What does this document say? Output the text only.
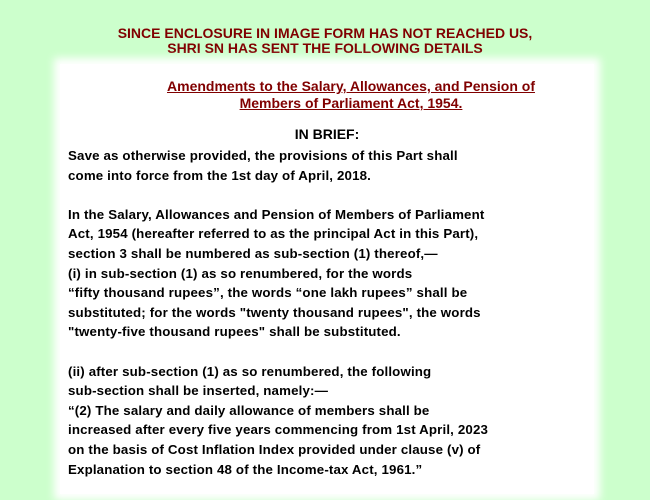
SINCE ENCLOSURE IN IMAGE FORM HAS NOT REACHED US,
SHRI SN HAS SENT THE FOLLOWING DETAILS
Amendments to the Salary, Allowances, and Pension of
Members of Parliament Act, 1954.
IN BRIEF:
Save as otherwise provided, the provisions of this Part shall
come into force from the 1st day of April, 2018.
In the Salary, Allowances and Pension of Members of Parliament
Act, 1954 (hereafter referred to as the principal Act in this Part),
section 3 shall be numbered as sub-section (1) thereof,—
(i) in sub-section (1) as so renumbered, for the words
“fifty thousand rupees”, the words “one lakh rupees” shall be
substituted; for the words "twenty thousand rupees", the words
"twenty-five thousand rupees" shall be substituted.
(ii) after sub-section (1) as so renumbered, the following
sub-section shall be inserted, namely:—
“(2) The salary and daily allowance of members shall be
increased after every five years commencing from 1st April, 2023
on the basis of Cost Inflation Index provided under clause (v) of
Explanation to section 48 of the Income-tax Act, 1961.”
